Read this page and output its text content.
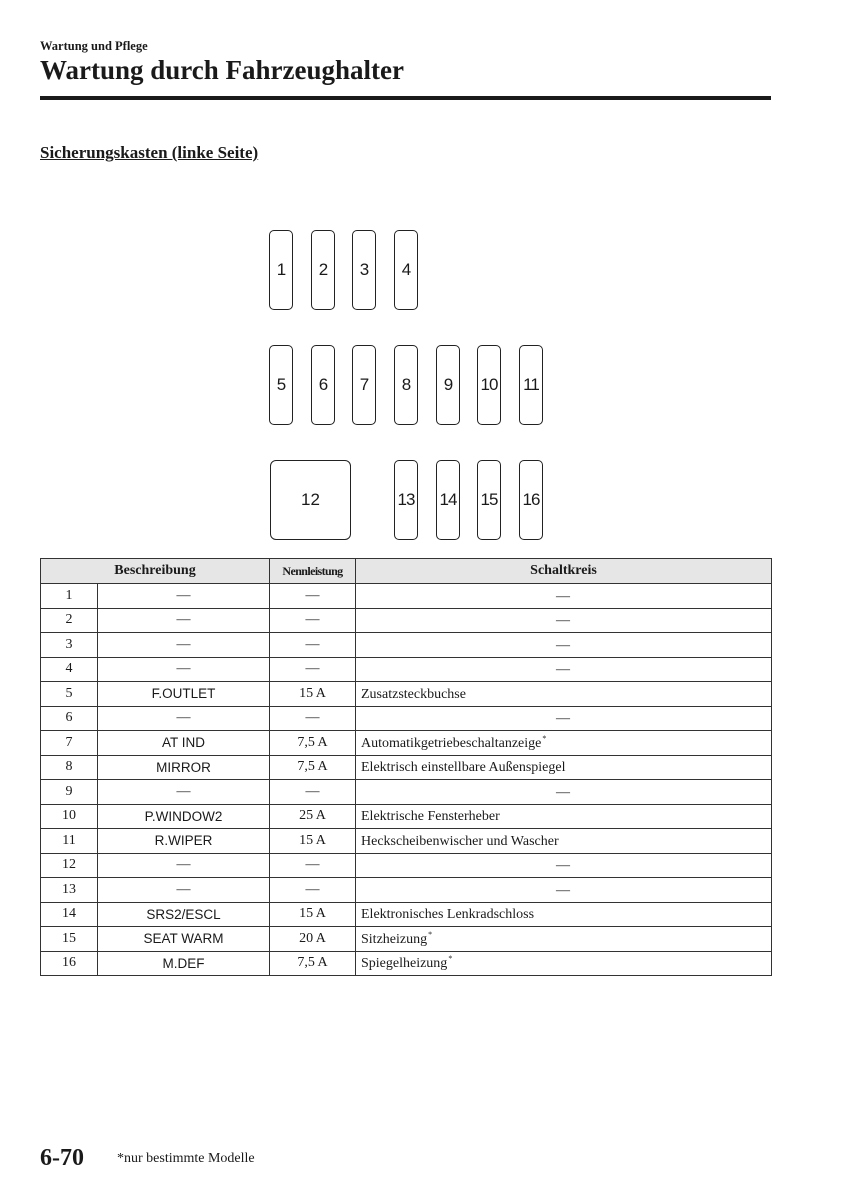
Wartung und Pflege
Wartung durch Fahrzeughalter
Sicherungskasten (linke Seite)
1	2	3	4
5	6	7	8	9	10 11
12	13 14 15 16
Beschreibung		Nennleistung	Schaltkreis
1	—	—	—
2	—	—	—
3	—	—	—
4	—	—	—
5	F.OUTLET	15 A	Zusatzsteckbuchse
6	—	—	—
7	AT IND	7,5 A	Automatikgetriebeschaltanzeige*
8	MIRROR	7,5 A	Elektrisch einstellbare Außenspiegel
9	—	—	—
10	P.WINDOW2	25 A	Elektrische Fensterheber
11	R.WIPER	15 A	Heckscheibenwischer und Wascher
12	—	—	—
13	—	—	—
14	SRS2/ESCL	15 A	Elektronisches Lenkradschloss
15	SEAT WARM	20 A	Sitzheizung*
16	M.DEF	7,5 A	Spiegelheizung*
6-70 *nur bestimmte Modelle
